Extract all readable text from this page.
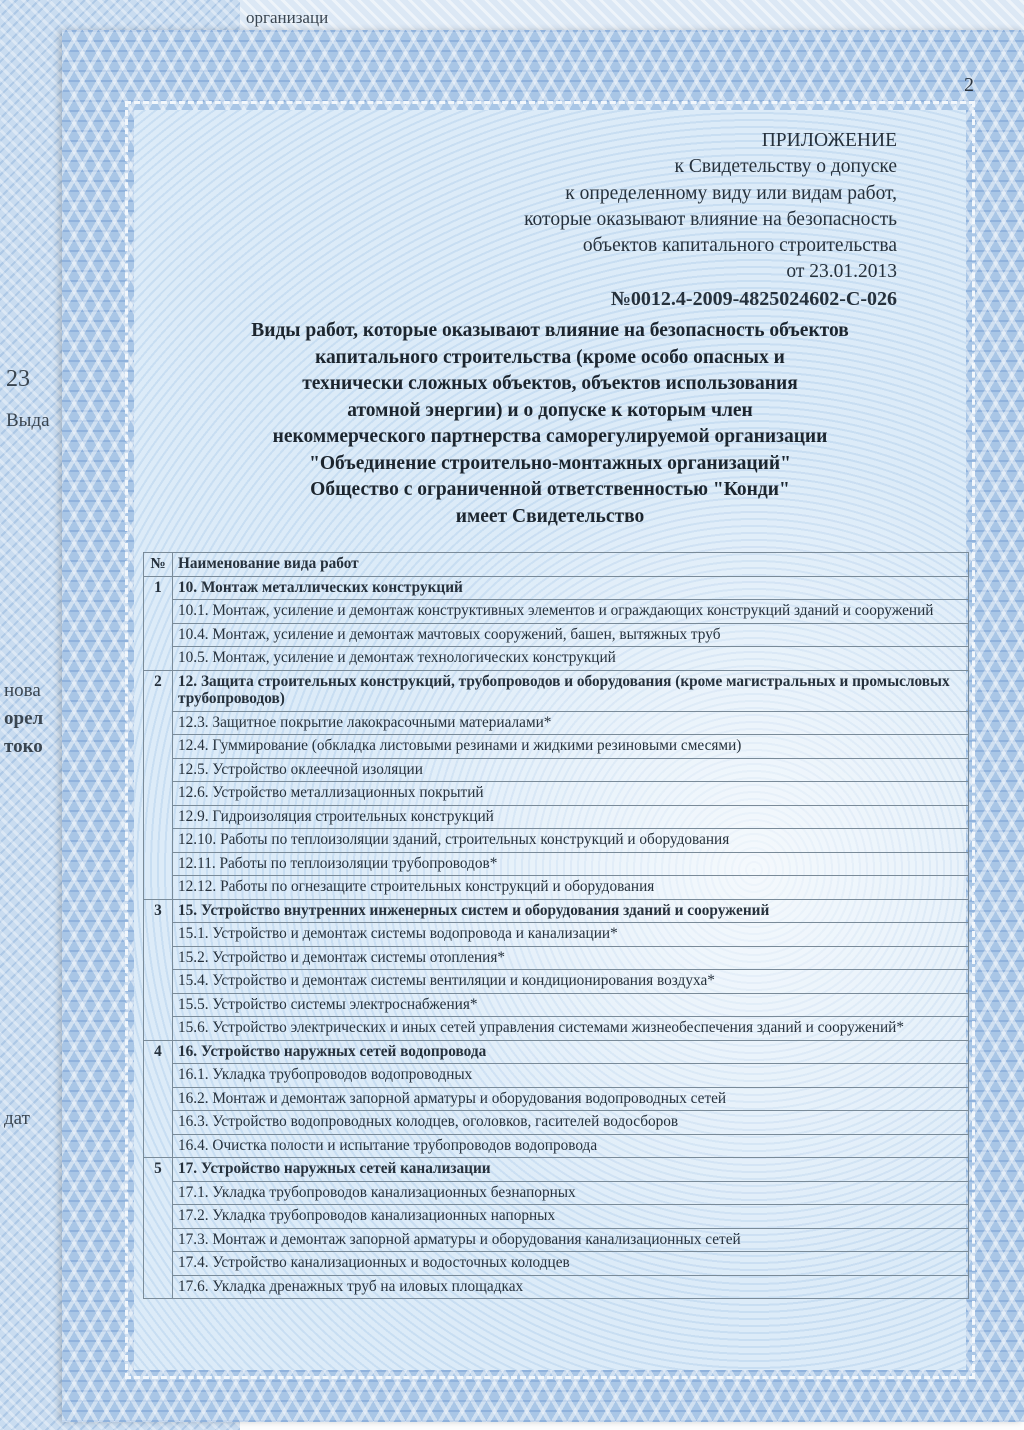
организаци
23
Выда
нова
орел
токо
дат
2
ПРИЛОЖЕНИЕ
к Свидетельству о допуске
к определенному виду или видам работ,
которые оказывают влияние на безопасность
объектов капитального строительства
от 23.01.2013
№0012.4-2009-4825024602-С-026
Виды работ, которые оказывают влияние на безопасность объектов
капитального строительства (кроме особо опасных и
технически сложных объектов, объектов использования
атомной энергии) и о допуске к которым член
некоммерческого партнерства саморегулируемой организации
"Объединение строительно-монтажных организаций"
Общество с ограниченной ответственностью "Конди"
имеет Свидетельство
№	Наименование вида работ
1	10. Монтаж металлических конструкций
	10.1. Монтаж, усиление и демонтаж конструктивных элементов и ограждающих конструкций зданий и сооружений
	10.4. Монтаж, усиление и демонтаж мачтовых сооружений, башен, вытяжных труб
	10.5. Монтаж, усиление и демонтаж технологических конструкций
2	12. Защита строительных конструкций, трубопроводов и оборудования (кроме магистральных и промысловых трубопроводов)
	12.3. Защитное покрытие лакокрасочными материалами*
	12.4. Гуммирование (обкладка листовыми резинами и жидкими резиновыми смесями)
	12.5. Устройство оклеечной изоляции
	12.6. Устройство металлизационных покрытий
	12.9. Гидроизоляция строительных конструкций
	12.10. Работы по теплоизоляции зданий, строительных конструкций и оборудования
	12.11. Работы по теплоизоляции трубопроводов*
	12.12. Работы по огнезащите строительных конструкций и оборудования
3	15. Устройство внутренних инженерных систем и оборудования зданий и сооружений
	15.1. Устройство и демонтаж системы водопровода и канализации*
	15.2. Устройство и демонтаж системы отопления*
	15.4. Устройство и демонтаж системы вентиляции и кондиционирования воздуха*
	15.5. Устройство системы электроснабжения*
	15.6. Устройство электрических и иных сетей управления системами жизнеобеспечения зданий и сооружений*
4	16. Устройство наружных сетей водопровода
	16.1. Укладка трубопроводов водопроводных
	16.2. Монтаж и демонтаж запорной арматуры и оборудования водопроводных сетей
	16.3. Устройство водопроводных колодцев, оголовков, гасителей водосборов
	16.4. Очистка полости и испытание трубопроводов водопровода
5	17. Устройство наружных сетей канализации
	17.1. Укладка трубопроводов канализационных безнапорных
	17.2. Укладка трубопроводов канализационных напорных
	17.3. Монтаж и демонтаж запорной арматуры и оборудования канализационных сетей
	17.4. Устройство канализационных и водосточных колодцев
	17.6. Укладка дренажных труб на иловых площадках
